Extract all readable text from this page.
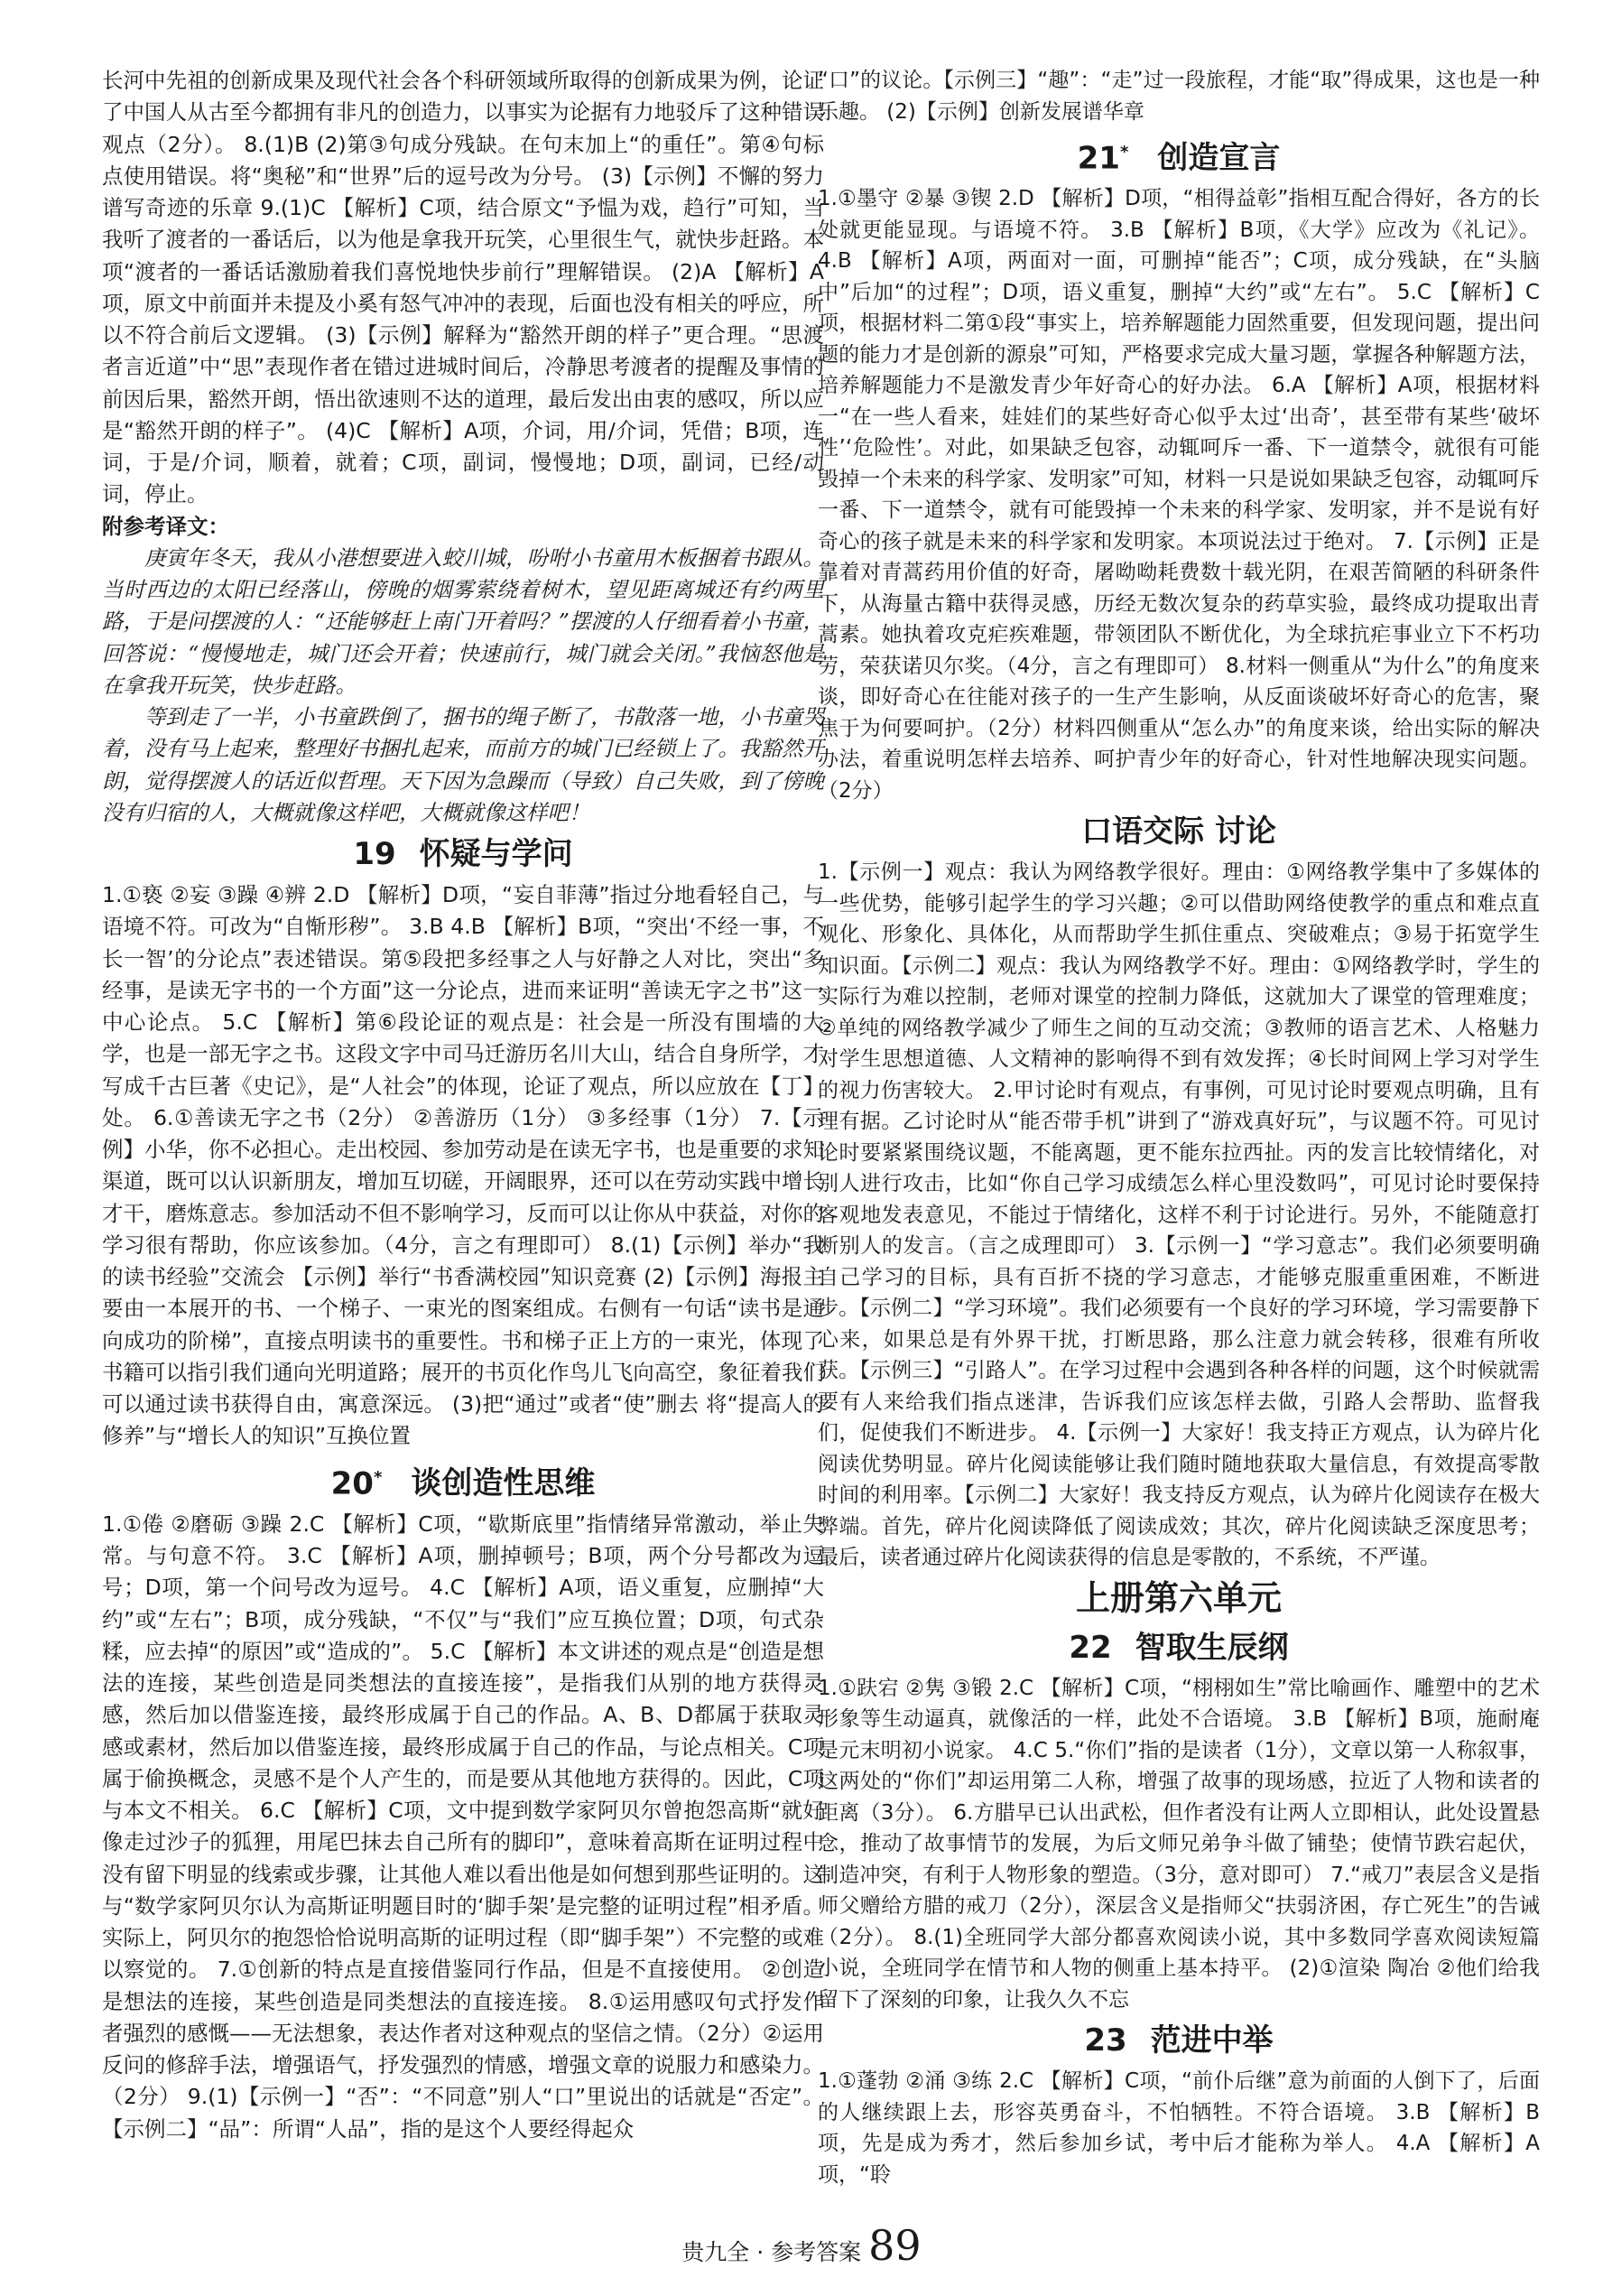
长河中先祖的创新成果及现代社会各个科研领域所取得的创新成果为例，论证了中国人从古至今都拥有非凡的创造力，以事实为论据有力地驳斥了这种错误观点（2分）。 8.(1)B (2)第③句成分残缺。在句末加上“的重任”。第④句标点使用错误。将“奥秘”和“世界”后的逗号改为分号。 (3)【示例】不懈的努力谱写奇迹的乐章 9.(1)C 【解析】C项，结合原文“予愠为戏，趋行”可知，当我听了渡者的一番话后，以为他是拿我开玩笑，心里很生气，就快步赶路。本项“渡者的一番话话激励着我们喜悦地快步前行”理解错误。 (2)A 【解析】A项，原文中前面并未提及小奚有怒气冲冲的表现，后面也没有相关的呼应，所以不符合前后文逻辑。 (3)【示例】解释为“豁然开朗的样子”更合理。“思渡者言近道”中“思”表现作者在错过进城时间后，冷静思考渡者的提醒及事情的前因后果，豁然开朗，悟出欲速则不达的道理，最后发出由衷的感叹，所以应是“豁然开朗的样子”。 (4)C 【解析】A项，介词，用/介词，凭借；B项，连词，于是/介词，顺着，就着；C项，副词，慢慢地；D项，副词，已经/动词，停止。

附参考译文：

庚寅年冬天，我从小港想要进入蛟川城，吩咐小书童用木板捆着书跟从。当时西边的太阳已经落山，傍晚的烟雾萦绕着树木，望见距离城还有约两里路，于是问摆渡的人：“还能够赶上南门开着吗？”摆渡的人仔细看着小书童，回答说：“慢慢地走，城门还会开着；快速前行，城门就会关闭。”我恼怒他是在拿我开玩笑，快步赶路。

等到走了一半，小书童跌倒了，捆书的绳子断了，书散落一地，小书童哭着，没有马上起来，整理好书捆扎起来，而前方的城门已经锁上了。我豁然开朗，觉得摆渡人的话近似哲理。天下因为急躁而（导致）自己失败，到了傍晚没有归宿的人，大概就像这样吧，大概就像这样吧！

19 怀疑与学问

1.①亵 ②妄 ③躁 ④辨 2.D 【解析】D项，“妄自菲薄”指过分地看轻自己，与语境不符。可改为“自惭形秽”。 3.B 4.B 【解析】B项，“突出‘不经一事，不长一智’的分论点”表述错误。第⑤段把多经事之人与好静之人对比，突出“多经事，是读无字书的一个方面”这一分论点，进而来证明“善读无字之书”这一中心论点。 5.C 【解析】第⑥段论证的观点是：社会是一所没有围墙的大学，也是一部无字之书。这段文字中司马迁游历名川大山，结合自身所学，才写成千古巨著《史记》，是“人社会”的体现，论证了观点，所以应放在【丁】处。 6.①善读无字之书（2分） ②善游历（1分） ③多经事（1分） 7.【示例】小华，你不必担心。走出校园、参加劳动是在读无字书，也是重要的求知渠道，既可以认识新朋友，增加互切磋，开阔眼界，还可以在劳动实践中增长才干，磨炼意志。参加活动不但不影响学习，反而可以让你从中获益，对你的学习很有帮助，你应该参加。（4分，言之有理即可） 8.(1)【示例】举办“我的读书经验”交流会 【示例】举行“书香满校园”知识竞赛 (2)【示例】海报主要由一本展开的书、一个梯子、一束光的图案组成。右侧有一句话“读书是通向成功的阶梯”，直接点明读书的重要性。书和梯子正上方的一束光，体现了书籍可以指引我们通向光明道路；展开的书页化作鸟儿飞向高空，象征着我们可以通过读书获得自由，寓意深远。 (3)把“通过”或者“使”删去 将“提高人的修养”与“增长人的知识”互换位置

20* 谈创造性思维

1.①倦 ②磨砺 ③躁 2.C 【解析】C项，“歇斯底里”指情绪异常激动，举止失常。与句意不符。 3.C 【解析】A项，删掉顿号；B项，两个分号都改为逗号；D项，第一个问号改为逗号。 4.C 【解析】A项，语义重复，应删掉“大约”或“左右”；B项，成分残缺，“不仅”与“我们”应互换位置；D项，句式杂糅，应去掉“的原因”或“造成的”。 5.C 【解析】本文讲述的观点是“创造是想法的连接，某些创造是同类想法的直接连接”，是指我们从别的地方获得灵感，然后加以借鉴连接，最终形成属于自己的作品。A、B、D都属于获取灵感或素材，然后加以借鉴连接，最终形成属于自己的作品，与论点相关。C项属于偷换概念，灵感不是个人产生的，而是要从其他地方获得的。因此，C项与本文不相关。 6.C 【解析】C项，文中提到数学家阿贝尔曾抱怨高斯“就好像走过沙子的狐狸，用尾巴抹去自己所有的脚印”，意味着高斯在证明过程中没有留下明显的线索或步骤，让其他人难以看出他是如何想到那些证明的。这与“数学家阿贝尔认为高斯证明题目时的‘脚手架’是完整的证明过程”相矛盾。实际上，阿贝尔的抱怨恰恰说明高斯的证明过程（即“脚手架”）不完整的或难以察觉的。 7.①创新的特点是直接借鉴同行作品，但是不直接使用。 ②创造是想法的连接，某些创造是同类想法的直接连接。 8.①运用感叹句式抒发作者强烈的感慨——无法想象，表达作者对这种观点的坚信之情。（2分）②运用反问的修辞手法，增强语气，抒发强烈的情感，增强文章的说服力和感染力。（2分） 9.(1)【示例一】“否”：“不同意”别人“口”里说出的话就是“否定”。【示例二】“品”：所谓“人品”，指的是这个人要经得起众

“口”的议论。【示例三】“趣”：“走”过一段旅程，才能“取”得成果，这也是一种乐趣。 (2)【示例】创新发展谱华章

21* 创造宣言

1.①墨守 ②暴 ③锲 2.D 【解析】D项，“相得益彰”指相互配合得好，各方的长处就更能显现。与语境不符。 3.B 【解析】B项，《大学》应改为《礼记》。 4.B 【解析】A项，两面对一面，可删掉“能否”；C项，成分残缺，在“头脑中”后加“的过程”；D项，语义重复，删掉“大约”或“左右”。 5.C 【解析】C项，根据材料二第①段“事实上，培养解题能力固然重要，但发现问题，提出问题的能力才是创新的源泉”可知，严格要求完成大量习题，掌握各种解题方法，培养解题能力不是激发青少年好奇心的好办法。 6.A 【解析】A项，根据材料一“在一些人看来，娃娃们的某些好奇心似乎太过‘出奇’，甚至带有某些‘破坏性’‘危险性’。对此，如果缺乏包容，动辄呵斥一番、下一道禁令，就很有可能毁掉一个未来的科学家、发明家”可知，材料一只是说如果缺乏包容，动辄呵斥一番、下一道禁令，就有可能毁掉一个未来的科学家、发明家，并不是说有好奇心的孩子就是未来的科学家和发明家。本项说法过于绝对。 7.【示例】正是靠着对青蒿药用价值的好奇，屠呦呦耗费数十载光阴，在艰苦简陋的科研条件下，从海量古籍中获得灵感，历经无数次复杂的药草实验，最终成功提取出青蒿素。她执着攻克疟疾难题，带领团队不断优化，为全球抗疟事业立下不朽功劳，荣获诺贝尔奖。（4分，言之有理即可） 8.材料一侧重从“为什么”的角度来谈，即好奇心在往能对孩子的一生产生影响，从反面谈破坏好奇心的危害，聚焦于为何要呵护。（2分）材料四侧重从“怎么办”的角度来谈，给出实际的解决办法，着重说明怎样去培养、呵护青少年的好奇心，针对性地解决现实问题。（2分）

口语交际 讨论

1.【示例一】观点：我认为网络教学很好。理由：①网络教学集中了多媒体的一些优势，能够引起学生的学习兴趣；②可以借助网络使教学的重点和难点直观化、形象化、具体化，从而帮助学生抓住重点、突破难点；③易于拓宽学生知识面。【示例二】观点：我认为网络教学不好。理由：①网络教学时，学生的实际行为难以控制，老师对课堂的控制力降低，这就加大了课堂的管理难度；②单纯的网络教学减少了师生之间的互动交流；③教师的语言艺术、人格魅力对学生思想道德、人文精神的影响得不到有效发挥；④长时间网上学习对学生的视力伤害较大。 2.甲讨论时有观点，有事例，可见讨论时要观点明确，且有理有据。乙讨论时从“能否带手机”讲到了“游戏真好玩”，与议题不符。可见讨论时要紧紧围绕议题，不能离题，更不能东拉西扯。丙的发言比较情绪化，对别人进行攻击，比如“你自己学习成绩怎么样心里没数吗”，可见讨论时要保持客观地发表意见，不能过于情绪化，这样不利于讨论进行。另外，不能随意打断别人的发言。（言之成理即可） 3.【示例一】“学习意志”。我们必须要明确自己学习的目标，具有百折不挠的学习意志，才能够克服重重困难，不断进步。【示例二】“学习环境”。我们必须要有一个良好的学习环境，学习需要静下心来，如果总是有外界干扰，打断思路，那么注意力就会转移，很难有所收获。【示例三】“引路人”。在学习过程中会遇到各种各样的问题，这个时候就需要有人来给我们指点迷津，告诉我们应该怎样去做，引路人会帮助、监督我们，促使我们不断进步。 4.【示例一】大家好！我支持正方观点，认为碎片化阅读优势明显。碎片化阅读能够让我们随时随地获取大量信息，有效提高零散时间的利用率。【示例二】大家好！我支持反方观点，认为碎片化阅读存在极大弊端。首先，碎片化阅读降低了阅读成效；其次，碎片化阅读缺乏深度思考；最后，读者通过碎片化阅读获得的信息是零散的，不系统，不严谨。

上册第六单元
22 智取生辰纲

1.①趺宕 ②隽 ③锻 2.C 【解析】C项，“栩栩如生”常比喻画作、雕塑中的艺术形象等生动逼真，就像活的一样，此处不合语境。 3.B 【解析】B项，施耐庵是元末明初小说家。 4.C 5.“你们”指的是读者（1分），文章以第一人称叙事，这两处的“你们”却运用第二人称，增强了故事的现场感，拉近了人物和读者的距离（3分）。 6.方腊早已认出武松，但作者没有让两人立即相认，此处设置悬念，推动了故事情节的发展，为后文师兄弟争斗做了铺垫；使情节跌宕起伏，制造冲突，有利于人物形象的塑造。（3分，意对即可） 7.“戒刀”表层含义是指师父赠给方腊的戒刀（2分），深层含义是指师父“扶弱济困，存亡死生”的告诫（2分）。 8.(1)全班同学大部分都喜欢阅读小说，其中多数同学喜欢阅读短篇小说，全班同学在情节和人物的侧重上基本持平。 (2)①渲染 陶冶 ②他们给我留下了深刻的印象，让我久久不忘

23 范进中举

1.①蓬勃 ②涌 ③练 2.C 【解析】C项，“前仆后继”意为前面的人倒下了，后面的人继续跟上去，形容英勇奋斗，不怕牺牲。不符合语境。 3.B 【解析】B项，先是成为秀才，然后参加乡试，考中后才能称为举人。 4.A 【解析】A项，“聆

贵九全 · 参考答案 89
